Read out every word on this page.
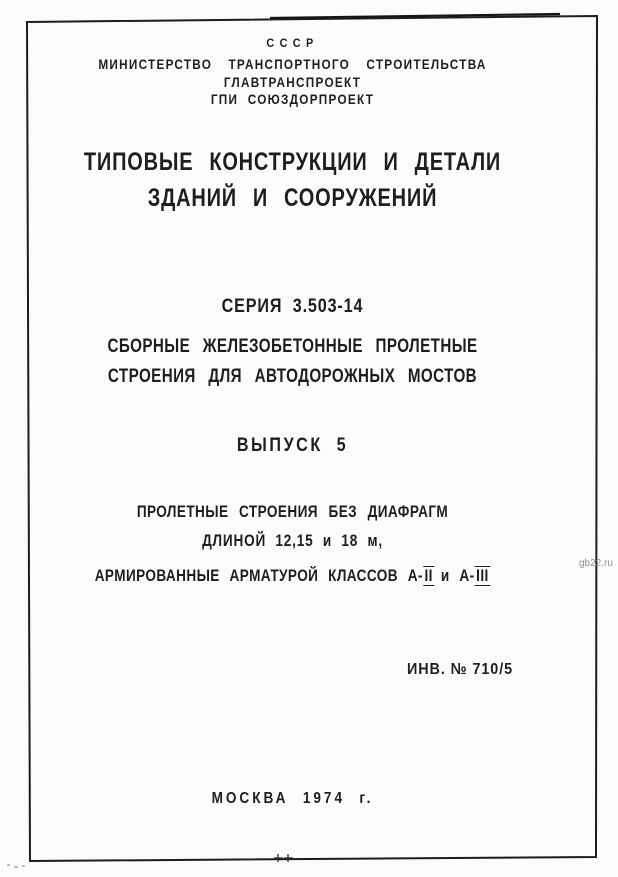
СССР
МИНИСТЕРСТВО ТРАНСПОРТНОГО СТРОИТЕЛЬСТВА
ГЛАВТРАНСПРОЕКТ
ГПИ СОЮЗДОРПРОЕКТ
ТИПОВЫЕ КОНСТРУКЦИИ И ДЕТАЛИ
ЗДАНИЙ И СООРУЖЕНИЙ
СЕРИЯ 3.503-14
СБОРНЫЕ ЖЕЛЕЗОБЕТОННЫЕ ПРОЛЕТНЫЕ
СТРОЕНИЯ ДЛЯ АВТОДОРОЖНЫХ МОСТОВ
ВЫПУСК 5
ПРОЛЕТНЫЕ СТРОЕНИЯ БЕЗ ДИАФРАГМ
ДЛИНОЙ 12,15 и 18 м,
АРМИРОВАННЫЕ АРМАТУРОЙ КЛАССОВ А-II и А-III
ИНВ. № 710/5
МОСКВА 1974 г.
gb22.ru
